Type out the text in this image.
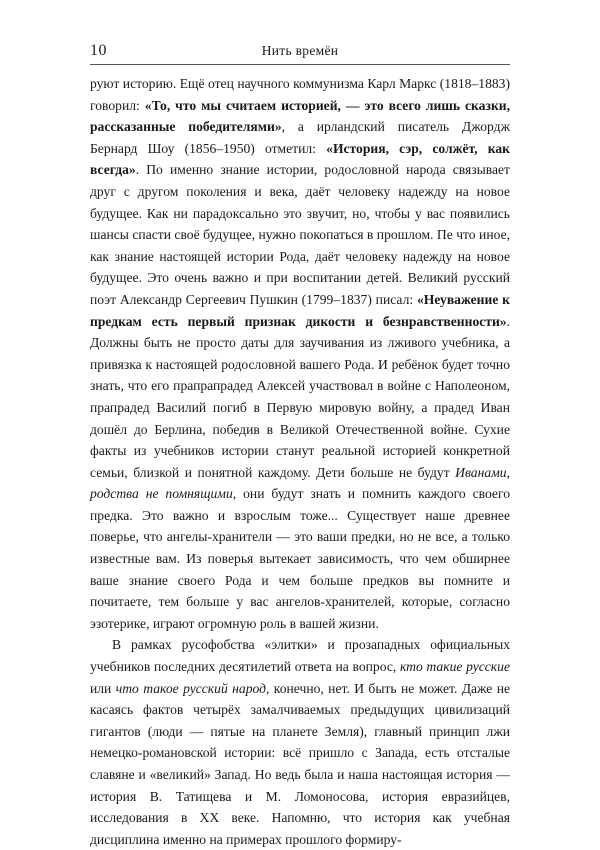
10	Нить времён

руют историю. Ещё отец научного коммунизма Карл Маркс (1818–1883) говорил: «То, что мы считаем историей, — это всего лишь сказки, рассказанные победителями», а ирландский писатель Джордж Бернард Шоу (1856–1950) отметил: «История, сэр, солжёт, как всегда». По именно знание истории, родословной народа связывает друг с другом поколения и века, даёт человеку надежду на новое будущее. Как ни парадоксально это звучит, но, чтобы у вас появились шансы спасти своё будущее, нужно покопаться в прошлом. Пе что иное, как знание настоящей истории Рода, даёт человеку надежду на новое будущее. Это очень важно и при воспитании детей. Великий русский поэт Александр Сергеевич Пушкин (1799–1837) писал: «Неуважение к предкам есть первый признак дикости и безнравственности». Должны быть не просто даты для заучивания из лживого учебника, а привязка к настоящей родословной вашего Рода. И ребёнок будет точно знать, что его прапрапрадед Алексей участвовал в войне с Наполеоном, прапрадед Василий погиб в Первую мировую войну, а прадед Иван дошёл до Берлина, победив в Великой Отечественной войне. Сухие факты из учебников истории станут реальной историей конкретной семьи, близкой и понятной каждому. Дети больше не будут Иванами, родства не помнящими, они будут знать и помнить каждого своего предка. Это важно и взрослым тоже... Существует наше древнее поверье, что ангелы-хранители — это ваши предки, но не все, а только известные вам. Из поверья вытекает зависимость, что чем обширнее ваше знание своего Рода и чем больше предков вы помните и почитаете, тем больше у вас ангелов-хранителей, которые, согласно эзотерике, играют огромную роль в вашей жизни.

В рамках русофобства «элитки» и прозападных официальных учебников последних десятилетий ответа на вопрос, кто такие русские или что такое русский народ, конечно, нет. И быть не может. Даже не касаясь фактов четырёх замалчиваемых предыдущих цивилизаций гигантов (люди — пятые на планете Земля), главный принцип лжи немецко-романовской истории: всё пришло с Запада, есть отсталые славяне и «великий» Запад. Но ведь была и наша настоящая история — история В. Татищева и М. Ломоносова, история евразийцев, исследования в XX веке. Напомню, что история как учебная дисциплина именно на примерах прошлого формиру-
